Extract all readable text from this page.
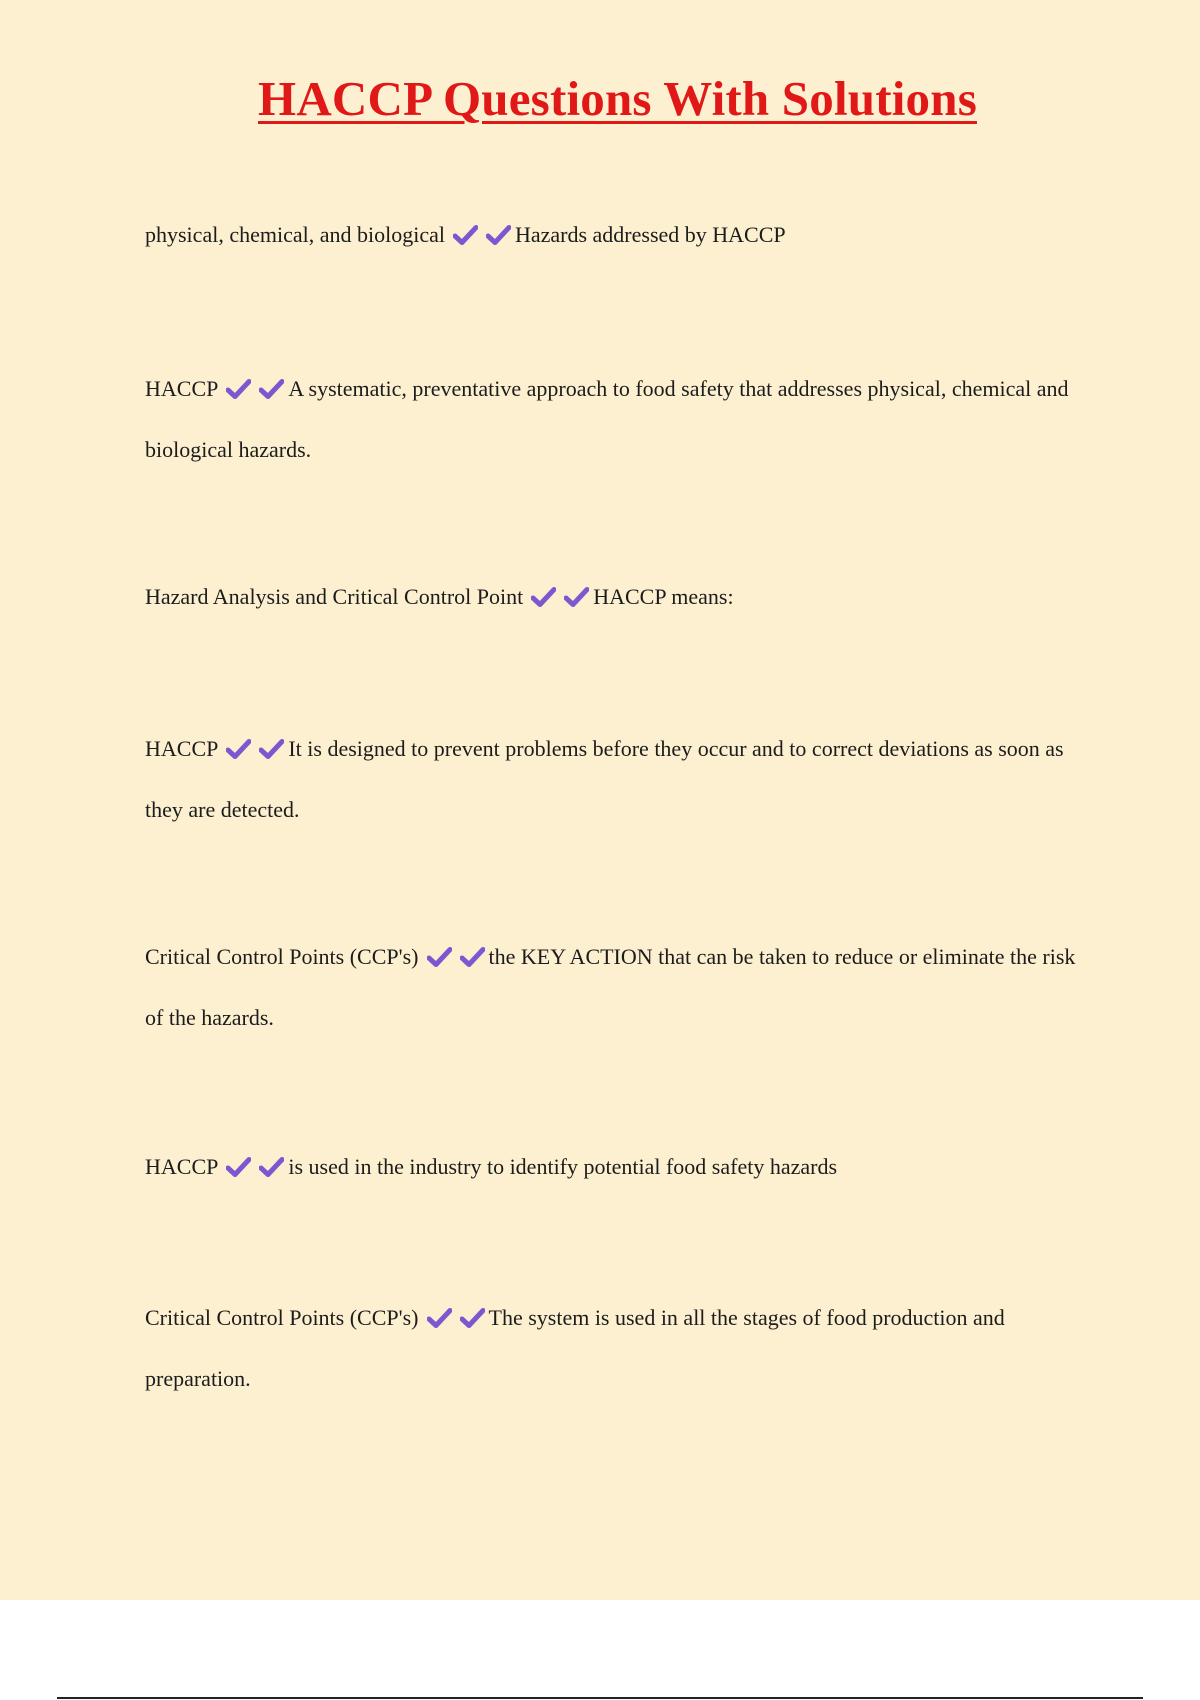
HACCP Questions With Solutions

physical, chemical, and biological	Hazards addressed by HACCP

HACCP	A systematic, preventative approach to food safety that addresses physical, chemical and biological hazards.

Hazard Analysis and Critical Control Point	HACCP means:

HACCP	It is designed to prevent problems before they occur and to correct deviations as soon as they are detected.

Critical Control Points (CCP's)	the KEY ACTION that can be taken to reduce or eliminate the risk of the hazards.

HACCP	is used in the industry to identify potential food safety hazards

Critical Control Points (CCP's)	The system is used in all the stages of food production and preparation.
